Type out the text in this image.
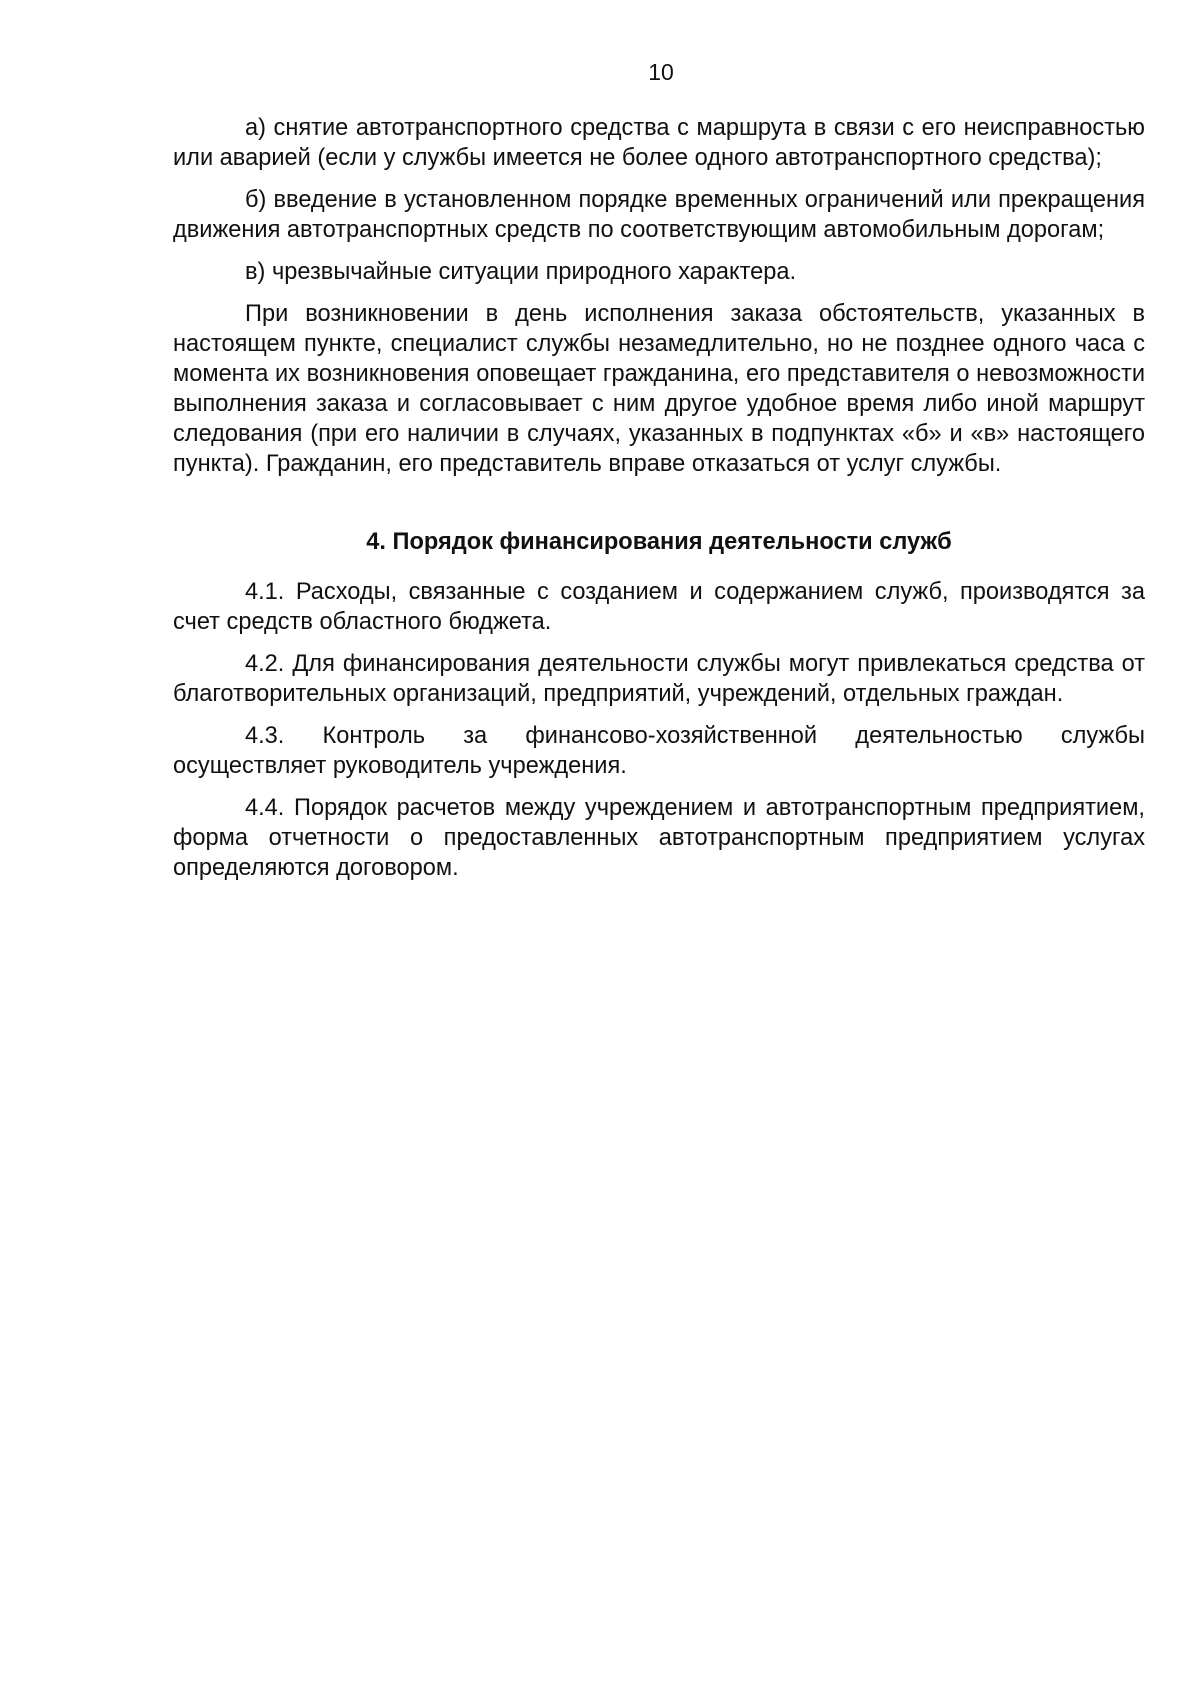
10

а) снятие автотранспортного средства с маршрута в связи с его неисправностью или аварией (если у службы имеется не более одного автотранспортного средства);

б) введение в установленном порядке временных ограничений или прекращения движения автотранспортных средств по соответствующим автомобильным дорогам;

в) чрезвычайные ситуации природного характера.

При возникновении в день исполнения заказа обстоятельств, указанных в настоящем пункте, специалист службы незамедлительно, но не позднее одного часа с момента их возникновения оповещает гражданина, его представителя о невозможности выполнения заказа и согласовывает с ним другое удобное время либо иной маршрут следования (при его наличии в случаях, указанных в подпунктах «б» и «в» настоящего пункта). Гражданин, его представитель вправе отказаться от услуг службы.

4. Порядок финансирования деятельности служб

4.1. Расходы, связанные с созданием и содержанием служб, производятся за счет средств областного бюджета.

4.2. Для финансирования деятельности службы могут привлекаться средства от благотворительных организаций, предприятий, учреждений, отдельных граждан.

4.3. Контроль за финансово-хозяйственной деятельностью службы осуществляет руководитель учреждения.

4.4. Порядок расчетов между учреждением и автотранспортным предприятием, форма отчетности о предоставленных автотранспортным предприятием услугах определяются договором.
